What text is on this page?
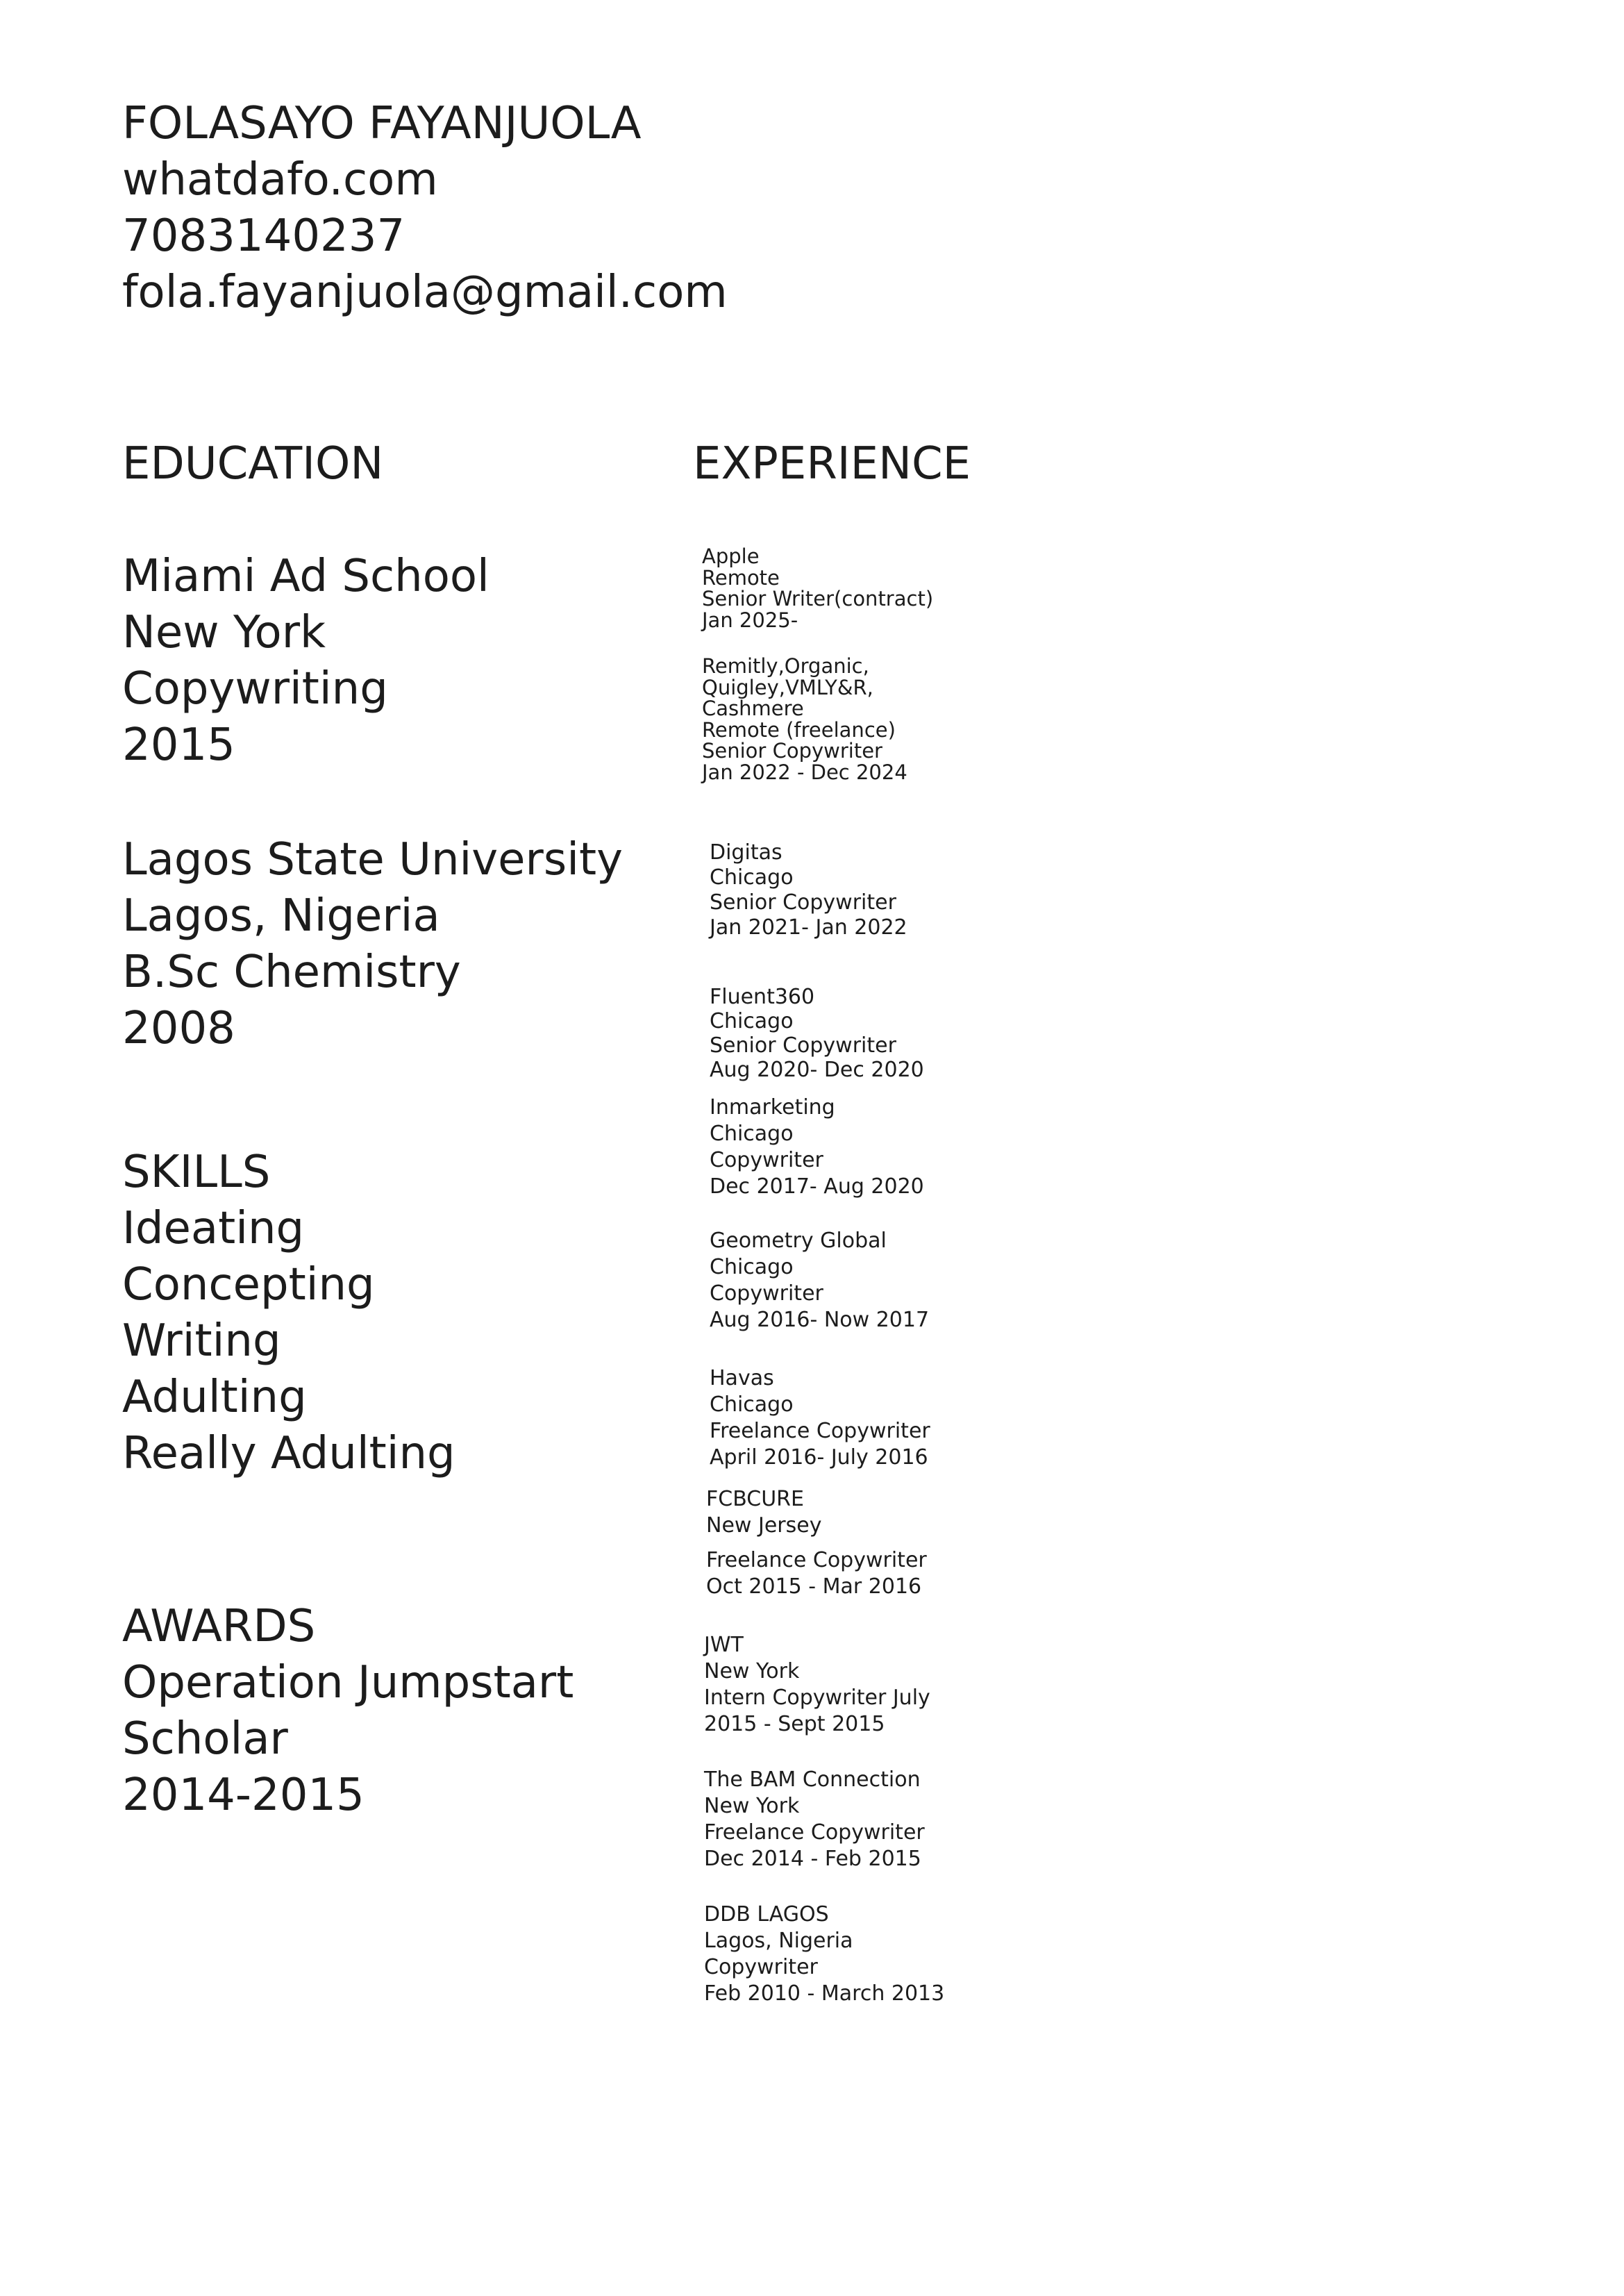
FOLASAYO FAYANJUOLA
whatdafo.com
7083140237
fola.fayanjuola@gmail.com
EDUCATION
Miami Ad School
New York
Copywriting
2015
Lagos State University
Lagos, Nigeria
B.Sc Chemistry
2008
SKILLS
Ideating
Concepting
Writing
Adulting
Really Adulting
AWARDS
Operation Jumpstart
Scholar
2014-2015
EXPERIENCE
Apple
Remote
Senior Writer(contract)
Jan 2025-
Remitly,Organic,
Quigley,VMLY&R,
Cashmere
Remote (freelance)
Senior Copywriter
Jan 2022 - Dec 2024
Digitas
Chicago
Senior Copywriter
Jan 2021- Jan 2022
Fluent360
Chicago
Senior Copywriter
Aug 2020- Dec 2020
Inmarketing
Chicago
Copywriter
Dec 2017- Aug 2020
Geometry Global
Chicago
Copywriter
Aug 2016- Now 2017
Havas
Chicago
Freelance Copywriter
April 2016- July 2016
FCBCURE
New Jersey
Freelance Copywriter
Oct 2015 - Mar 2016
JWT
New York
Intern Copywriter July
2015 - Sept 2015
The BAM Connection
New York
Freelance Copywriter
Dec 2014 - Feb 2015
DDB LAGOS
Lagos, Nigeria
Copywriter
Feb 2010 - March 2013
